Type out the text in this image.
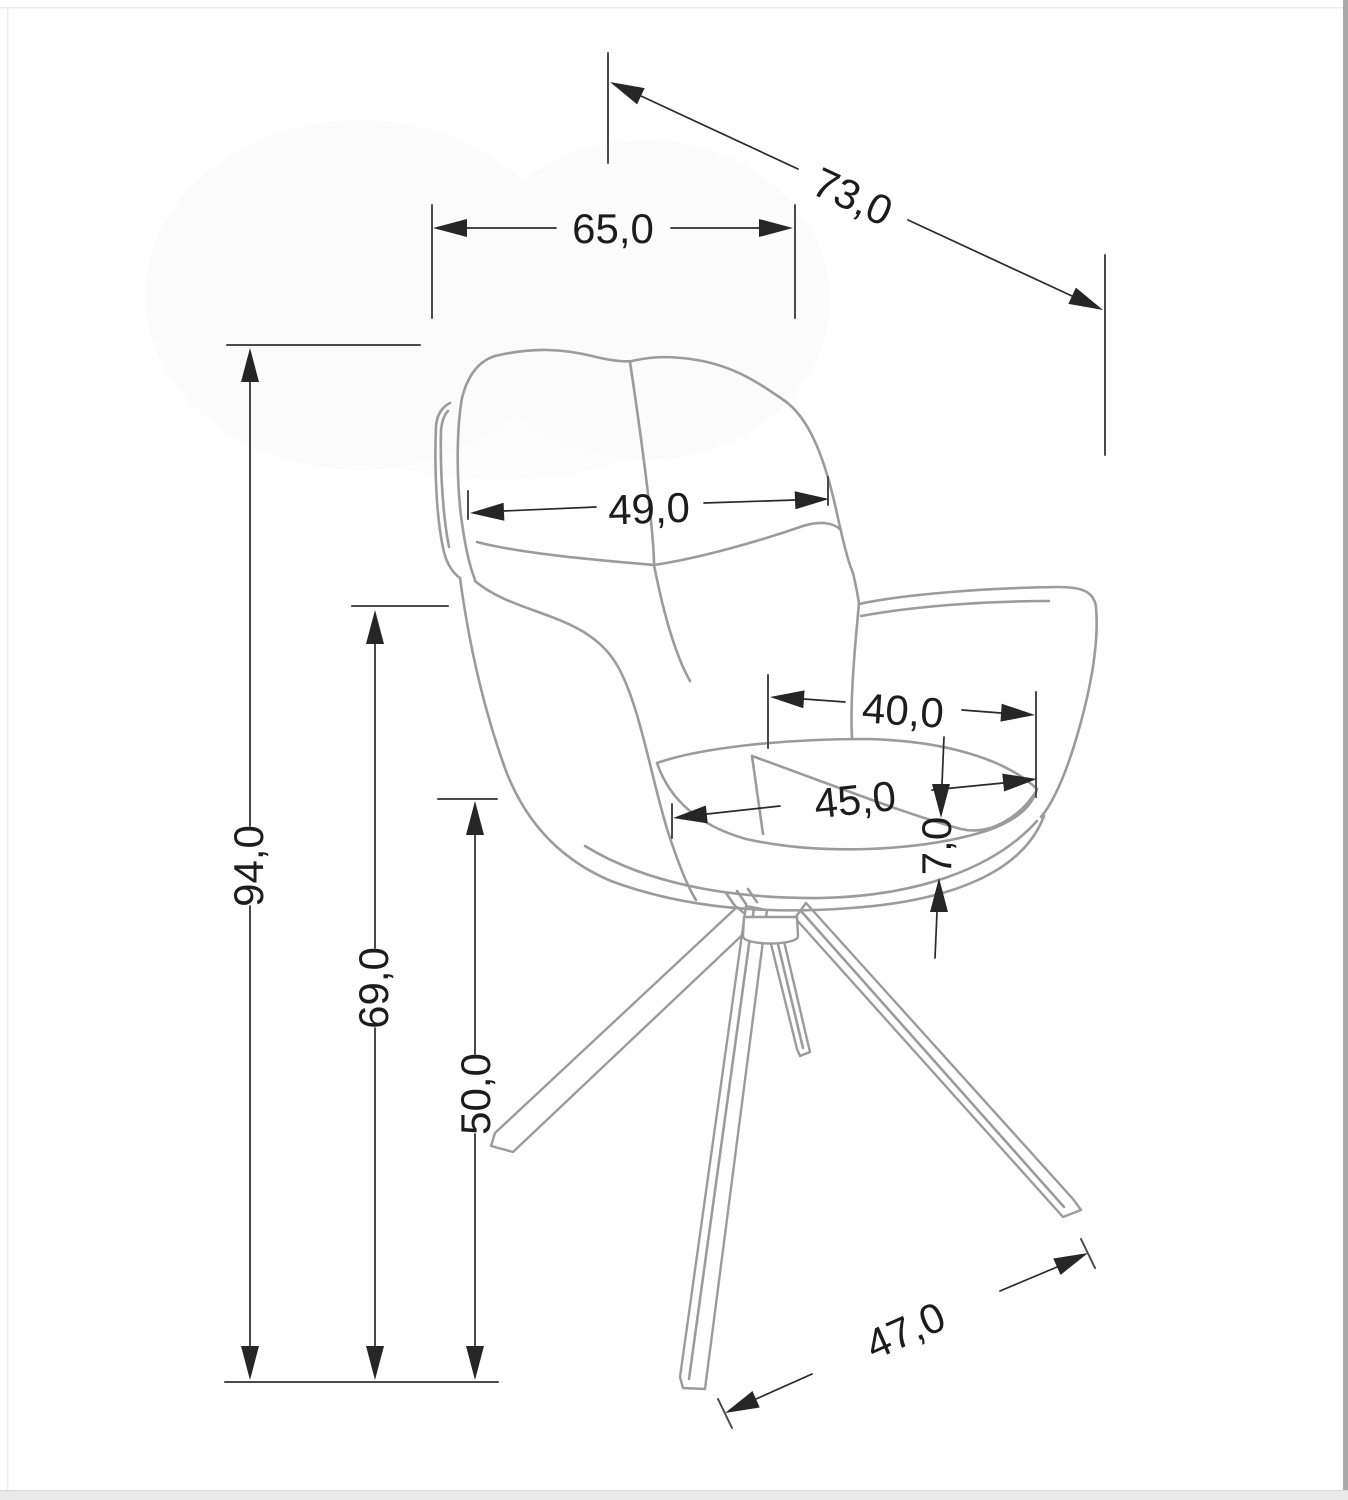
65,0	73,0
49,0
40,0
45,0
7,0
94,0
69,0
50,0
47,0
